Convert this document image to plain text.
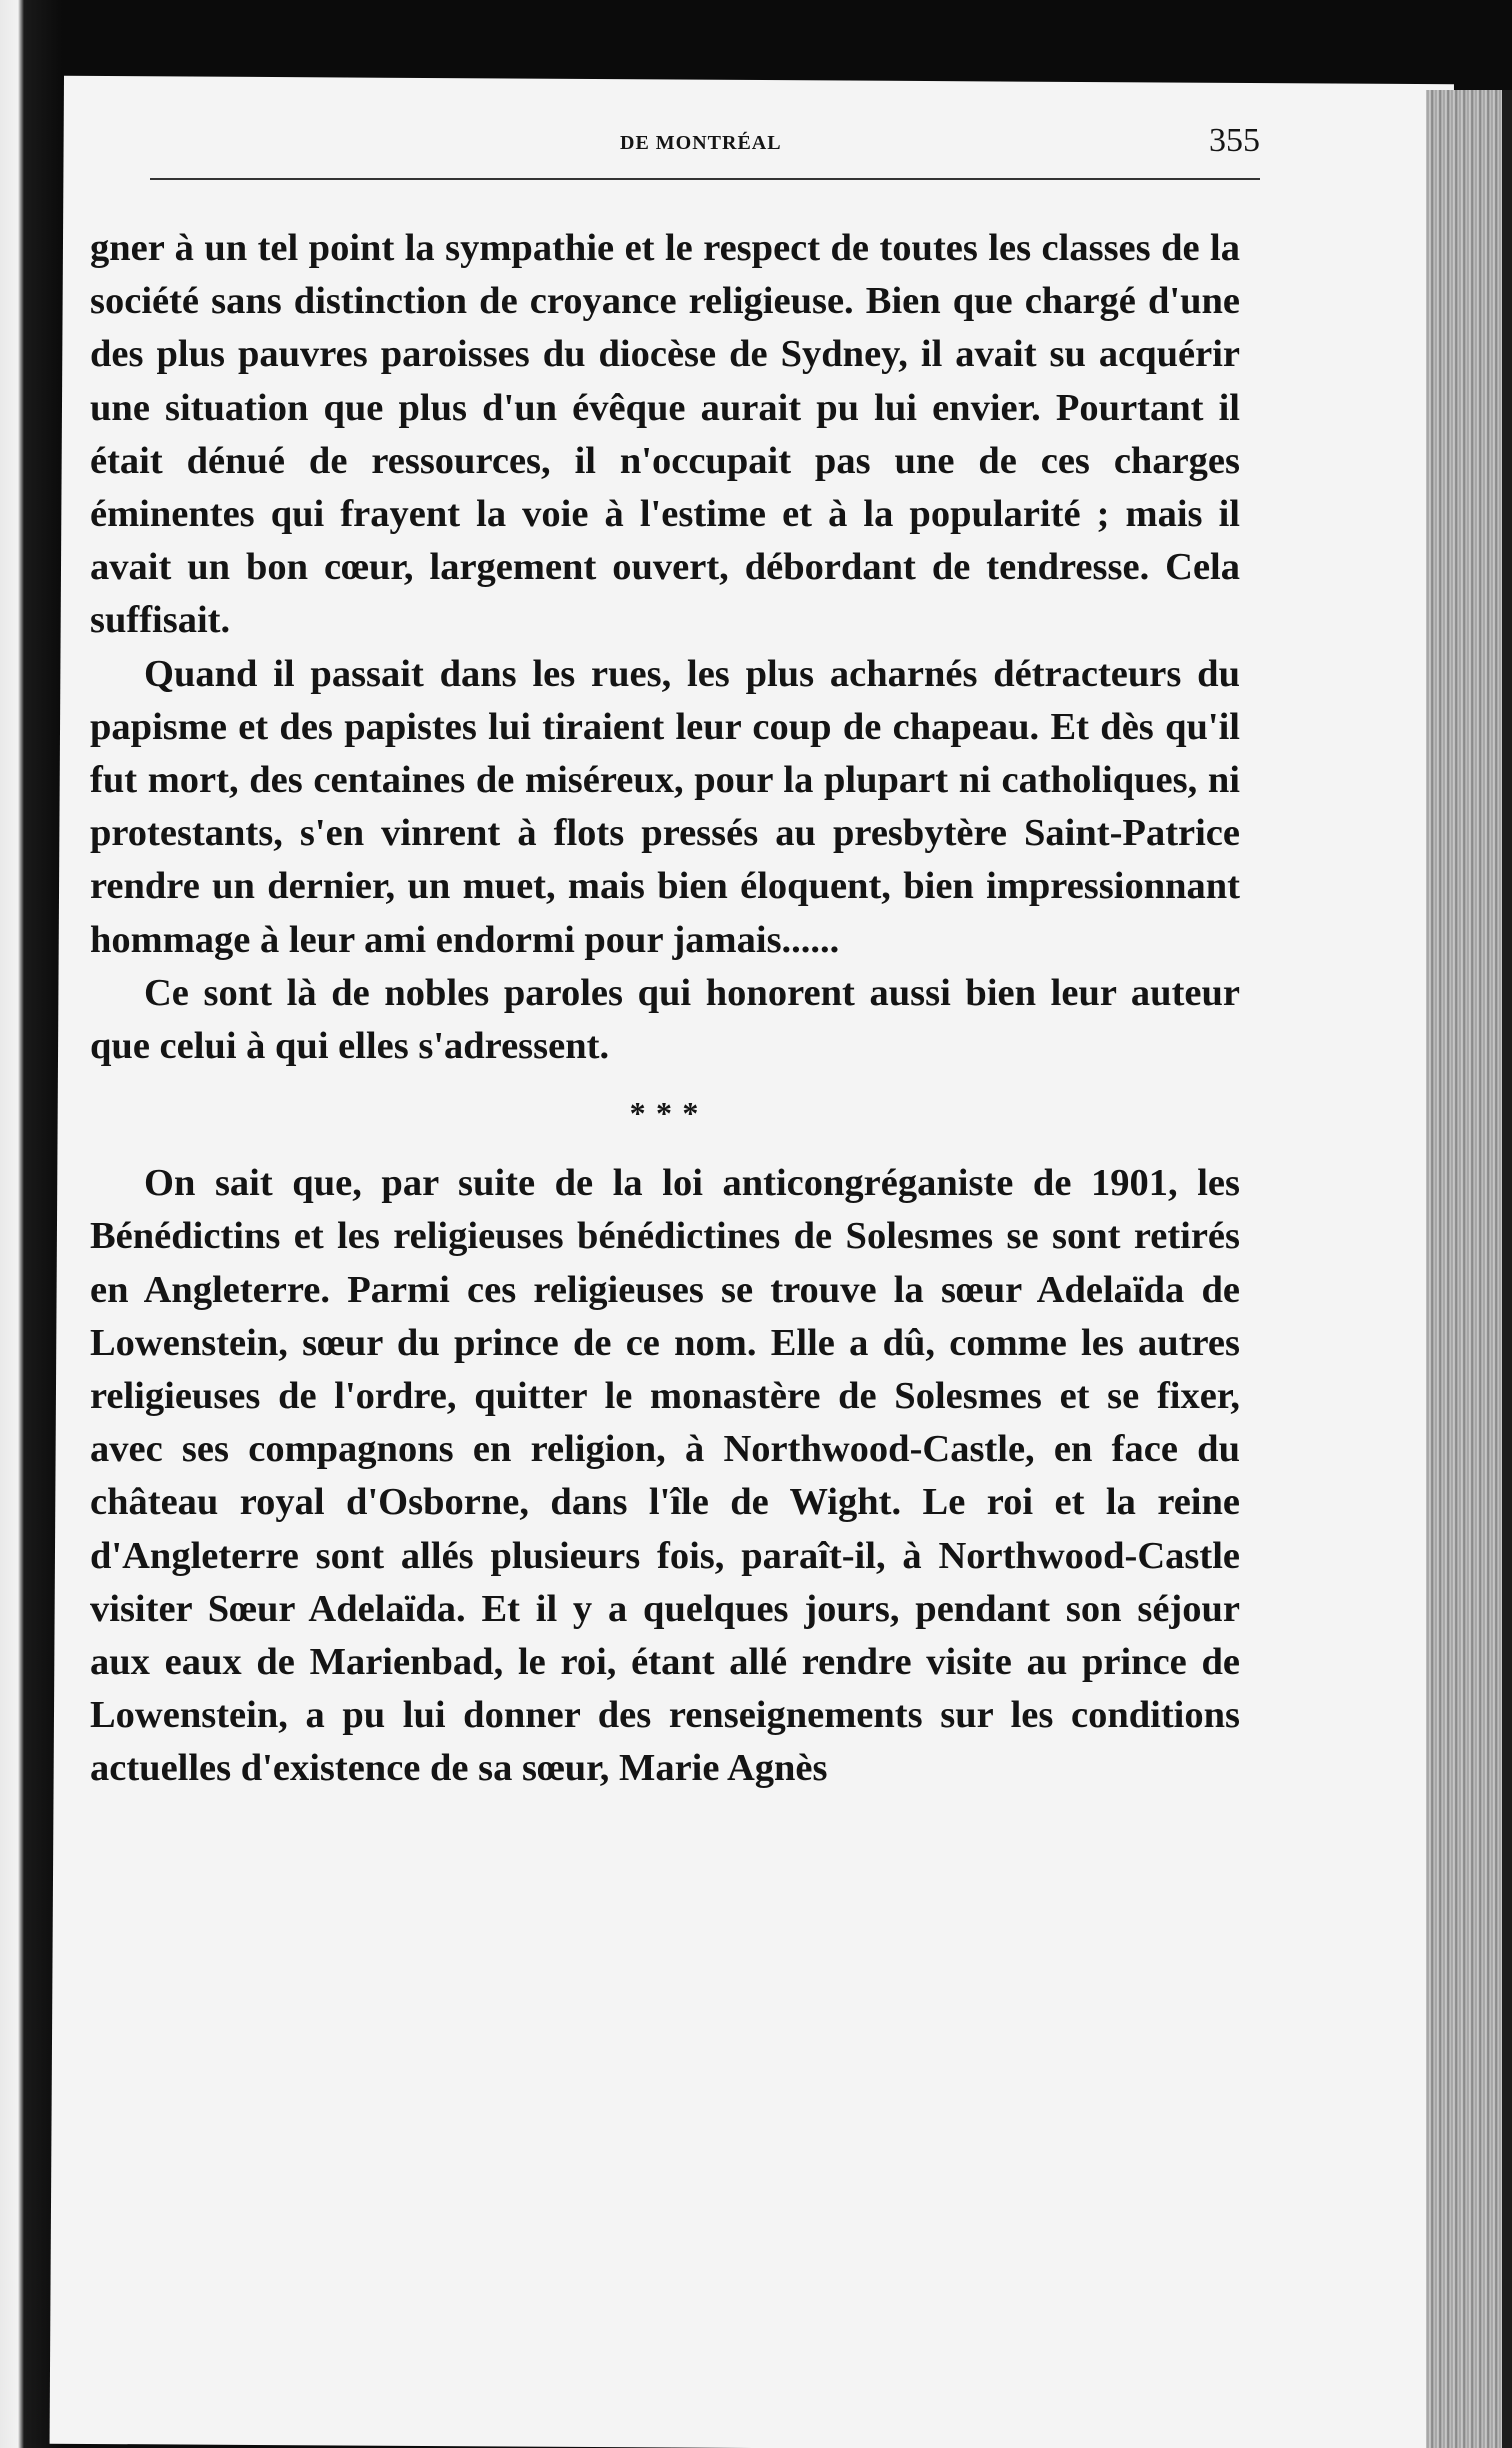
DE MONTRÉAL	355

gner à un tel point la sympathie et le respect de toutes les classes de la société sans distinction de croyance religieuse. Bien que chargé d'une des plus pauvres paroisses du diocèse de Sydney, il avait su acquérir une situation que plus d'un évêque aurait pu lui envier. Pourtant il était dénué de ressources, il n'occupait pas une de ces charges éminentes qui frayent la voie à l'estime et à la popularité ; mais il avait un bon cœur, largement ouvert, débordant de tendresse. Cela suffisait.

Quand il passait dans les rues, les plus acharnés détracteurs du papisme et des papistes lui tiraient leur coup de chapeau. Et dès qu'il fut mort, des centaines de miséreux, pour la plupart ni catholiques, ni protestants, s'en vinrent à flots pressés au presbytère Saint-Patrice rendre un dernier, un muet, mais bien éloquent, bien impressionnant hommage à leur ami endormi pour jamais......

Ce sont là de nobles paroles qui honorent aussi bien leur auteur que celui à qui elles s'adressent.

* * *

On sait que, par suite de la loi anticongréganiste de 1901, les Bénédictins et les religieuses bénédictines de Solesmes se sont retirés en Angleterre. Parmi ces religieuses se trouve la sœur Adelaïda de Lowenstein, sœur du prince de ce nom. Elle a dû, comme les autres religieuses de l'ordre, quitter le monastère de Solesmes et se fixer, avec ses compagnons en religion, à Northwood-Castle, en face du château royal d'Osborne, dans l'île de Wight. Le roi et la reine d'Angleterre sont allés plusieurs fois, paraît-il, à Northwood-Castle visiter Sœur Adelaïda. Et il y a quelques jours, pendant son séjour aux eaux de Marienbad, le roi, étant allé rendre visite au prince de Lowenstein, a pu lui donner des renseignements sur les conditions actuelles d'existence de sa sœur, Marie Agnès
